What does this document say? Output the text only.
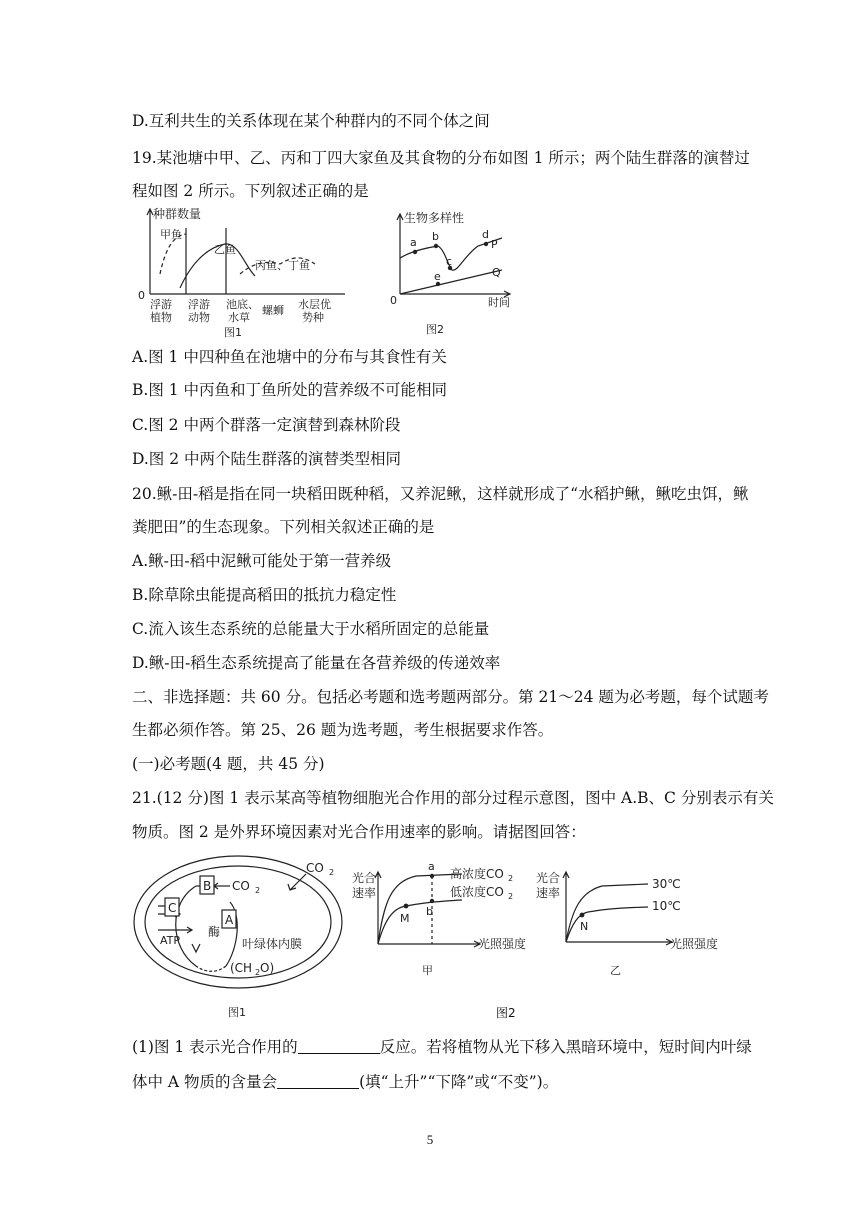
D.互利共生的关系体现在某个种群内的不同个体之间
19.某池塘中甲、乙、丙和丁四大家鱼及其食物的分布如图 1 所示；两个陆生群落的演替过
程如图 2 所示。下列叙述正确的是
种群数量
0
甲鱼
乙鱼
丙鱼、丁鱼
浮游
植物
浮游
动物
池底、
水草
螺蛳 水层优
势种
图1
生物多样性
0	时间
a b
c
e
d
P
Q
图2
A.图 1 中四种鱼在池塘中的分布与其食性有关
B.图 1 中丙鱼和丁鱼所处的营养级不可能相同
C.图 2 中两个群落一定演替到森林阶段
D.图 2 中两个陆生群落的演替类型相同
20.鳅-田-稻是指在同一块稻田既种稻，又养泥鳅，这样就形成了“水稻护鳅，鳅吃虫饵，鳅
粪肥田”的生态现象。下列相关叙述正确的是
A.鳅-田-稻中泥鳅可能处于第一营养级
B.除草除虫能提高稻田的抵抗力稳定性
C.流入该生态系统的总能量大于水稻所固定的总能量
D.鳅-田-稻生态系统提高了能量在各营养级的传递效率
二、非选择题：共 60 分。包括必考题和选考题两部分。第 21～24 题为必考题，每个试题考
生都必须作答。第 25、26 题为选考题，考生根据要求作答。
(一)必考题(4 题，共 45 分)
21.(12 分)图 1 表示某高等植物细胞光合作用的部分过程示意图，图中 A.B、C 分别表示有关
物质。图 2 是外界环境因素对光合作用速率的影响。请据图回答：
B
C
A
CO 2
CO 2
酶
ATP	叶绿体内膜
(CH 2 O)
图1
光合
速率
光照强度
a
b
M
高浓度CO 2
低浓度CO 2
甲
光合
速率
光照强度
N
30℃
10℃
乙
图2
(1)图 1 表示光合作用的	反应。若将植物从光下移入黑暗环境中，短时间内叶绿
体中 A 物质的含量会	(填“上升”“下降”或“不变”)。
5
